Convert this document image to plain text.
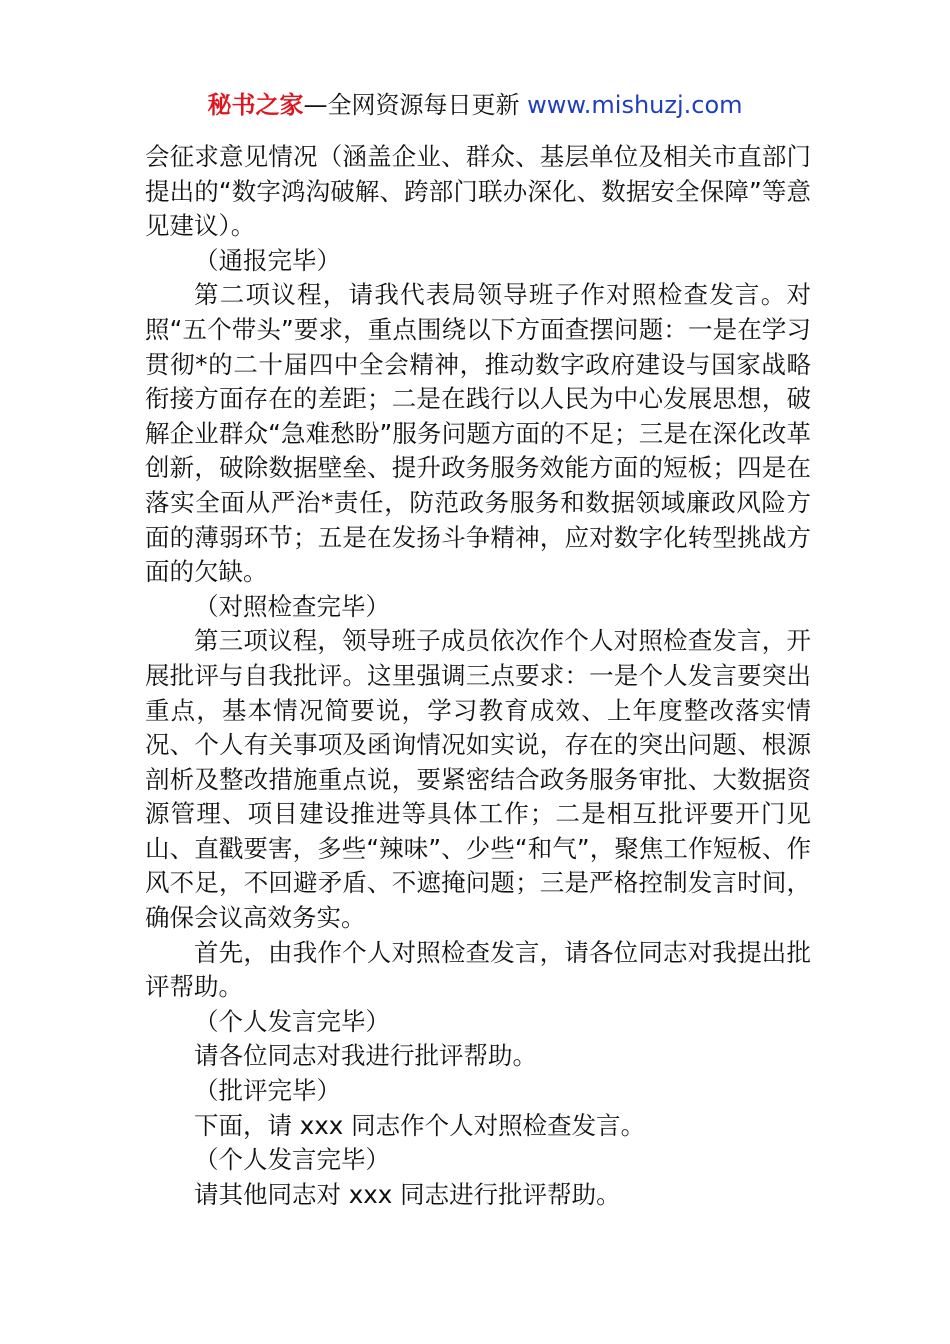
秘书之家—全网资源每日更新 www.mishuzj.com

会征求意见情况（涵盖企业、群众、基层单位及相关市直部门提出的“数字鸿沟破解、跨部门联办深化、数据安全保障”等意见建议）。

（通报完毕）

第二项议程，请我代表局领导班子作对照检查发言。对照“五个带头”要求，重点围绕以下方面查摆问题：一是在学习贯彻*的二十届四中全会精神，推动数字政府建设与国家战略衔接方面存在的差距；二是在践行以人民为中心发展思想，破解企业群众“急难愁盼”服务问题方面的不足；三是在深化改革创新，破除数据壁垒、提升政务服务效能方面的短板；四是在落实全面从严治*责任，防范政务服务和数据领域廉政风险方面的薄弱环节；五是在发扬斗争精神，应对数字化转型挑战方面的欠缺。

（对照检查完毕）

第三项议程，领导班子成员依次作个人对照检查发言，开展批评与自我批评。这里强调三点要求：一是个人发言要突出重点，基本情况简要说，学习教育成效、上年度整改落实情况、个人有关事项及函询情况如实说，存在的突出问题、根源剖析及整改措施重点说，要紧密结合政务服务审批、大数据资源管理、项目建设推进等具体工作；二是相互批评要开门见山、直戳要害，多些“辣味”、少些“和气”，聚焦工作短板、作风不足，不回避矛盾、不遮掩问题；三是严格控制发言时间，确保会议高效务实。

首先，由我作个人对照检查发言，请各位同志对我提出批评帮助。

（个人发言完毕）

请各位同志对我进行批评帮助。

（批评完毕）

下面，请 xxx 同志作个人对照检查发言。

（个人发言完毕）

请其他同志对 xxx 同志进行批评帮助。
